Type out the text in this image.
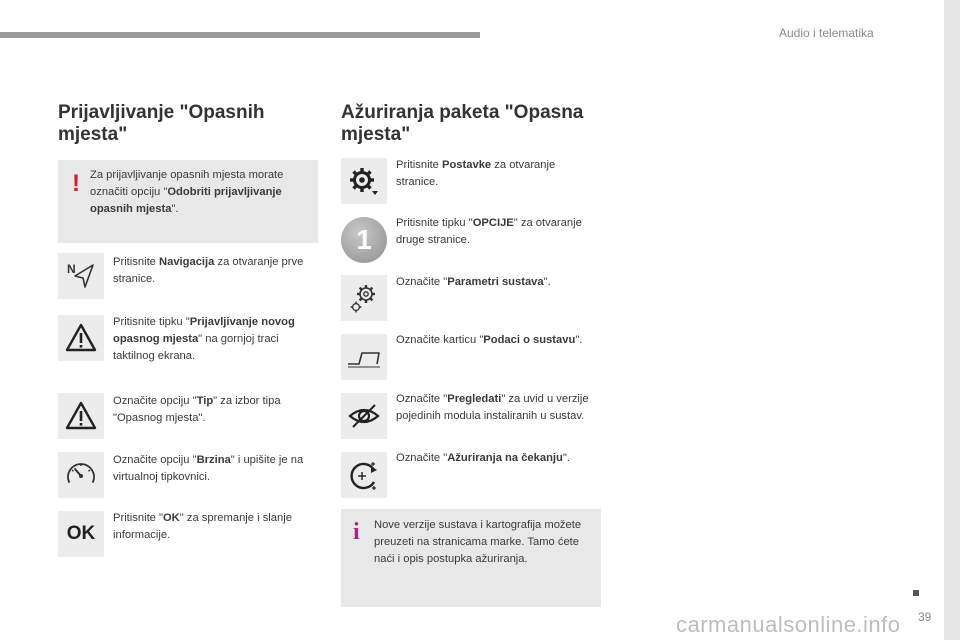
Audio i telematika
Prijavljivanje "Opasnih mjesta"
! Za prijavljivanje opasnih mjesta morate označiti opciju "Odobriti prijavljivanje opasnih mjesta".
N	Pritisnite Navigacija za otvaranje prve stranice.
Pritisnite tipku "Prijavljivanje novog opasnog mjesta" na gornjoj traci taktilnog ekrana.
Označite opciju "Tip" za izbor tipa "Opasnog mjesta".
Označite opciju "Brzina" i upišite je na virtualnoj tipkovnici.
OK
Pritisnite "OK" za spremanje i slanje informacije.
Ažuriranja paketa "Opasna mjesta"
Pritisnite Postavke za otvaranje stranice.
1
Pritisnite tipku "OPCIJE" za otvaranje druge stranice.
Označite "Parametri sustava".
Označite karticu "Podaci o sustavu".
Označite "Pregledati" za uvid u verzije pojedinih modula instaliranih u sustav.
Označite "Ažuriranja na čekanju".
i Nove verzije sustava i kartografija možete preuzeti na stranicama marke. Tamo ćete naći i opis postupka ažuriranja.
carmanualsonline.info 39
